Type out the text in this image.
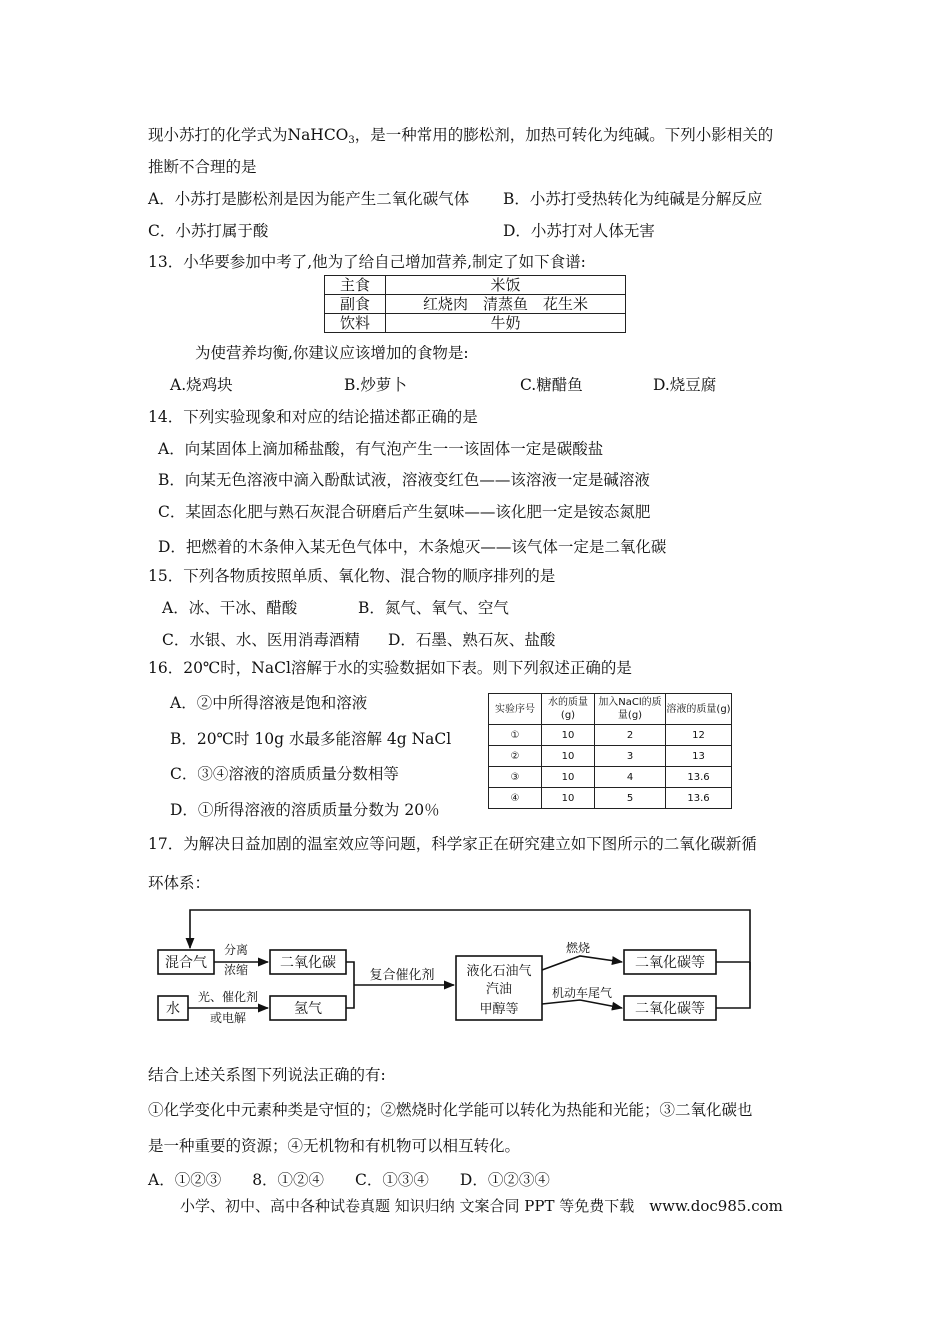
现小苏打的化学式为NaHCO$_3$，是一种常用的膨松剂，加热可转化为纯碱。下列小影相关的
推断不合理的是
A．小苏打是膨松剂是因为能产生二氧化碳气体 B．小苏打受热转化为纯碱是分解反应
C．小苏打属于酸	D．小苏打对人体无害
13．小华要参加中考了,他为了给自己增加营养,制定了如下食谱:
主食	米饭
副食	红烧肉　清蒸鱼　花生米
饮料	牛奶
为使营养均衡,你建议应该增加的食物是:
A.烧鸡块	B.炒萝卜	C.糖醋鱼	D.烧豆腐
14．下列实验现象和对应的结论描述都正确的是
A．向某固体上滴加稀盐酸，有气泡产生一一该固体一定是碳酸盐
B．向某无色溶液中滴入酚酞试液，溶液变红色——该溶液一定是碱溶液
C．某固态化肥与熟石灰混合研磨后产生氨味——该化肥一定是铵态氮肥
D．把燃着的木条伸入某无色气体中，木条熄灭——该气体一定是二氧化碳
15．下列各物质按照单质、氧化物、混合物的顺序排列的是
A．冰、干冰、醋酸	B．氮气、氧气、空气
C．水银、水、医用消毒酒精 D．石墨、熟石灰、盐酸
16．20℃时，NaCl溶解于水的实验数据如下表。则下列叙述正确的是
A．②中所得溶液是饱和溶液
B．20℃时 10g 水最多能溶解 4g NaCl
C．③④溶液的溶质质量分数相等
D．①所得溶液的溶质质量分数为 20％
实验序号	水的质量(g)	加入NaCl的质量(g)	溶液的质量(g)
①	10	2	12
②	10	3	13
③	10	4	13.6
④	10	5	13.6
17．为解决日益加剧的温室效应等问题，科学家正在研究建立如下图所示的二氧化碳新循
环体系：
混合气
分离
浓缩 二氧化碳
水
光、催化剂
或电解
氢气
复合催化剂 液化石油气
汽油
甲醇等
燃烧
机动车尾气
二氧化碳等
二氧化碳等
结合上述关系图下列说法正确的有:
①化学变化中元素种类是守恒的；②燃烧时化学能可以转化为热能和光能；③二氧化碳也
是一种重要的资源；④无机物和有机物可以相互转化。
A．①②③　　8．①②④　　C．①③④　　D．①②③④
小学、初中、高中各种试卷真题 知识归纳 文案合同 PPT 等免费下载　www.doc985.com
